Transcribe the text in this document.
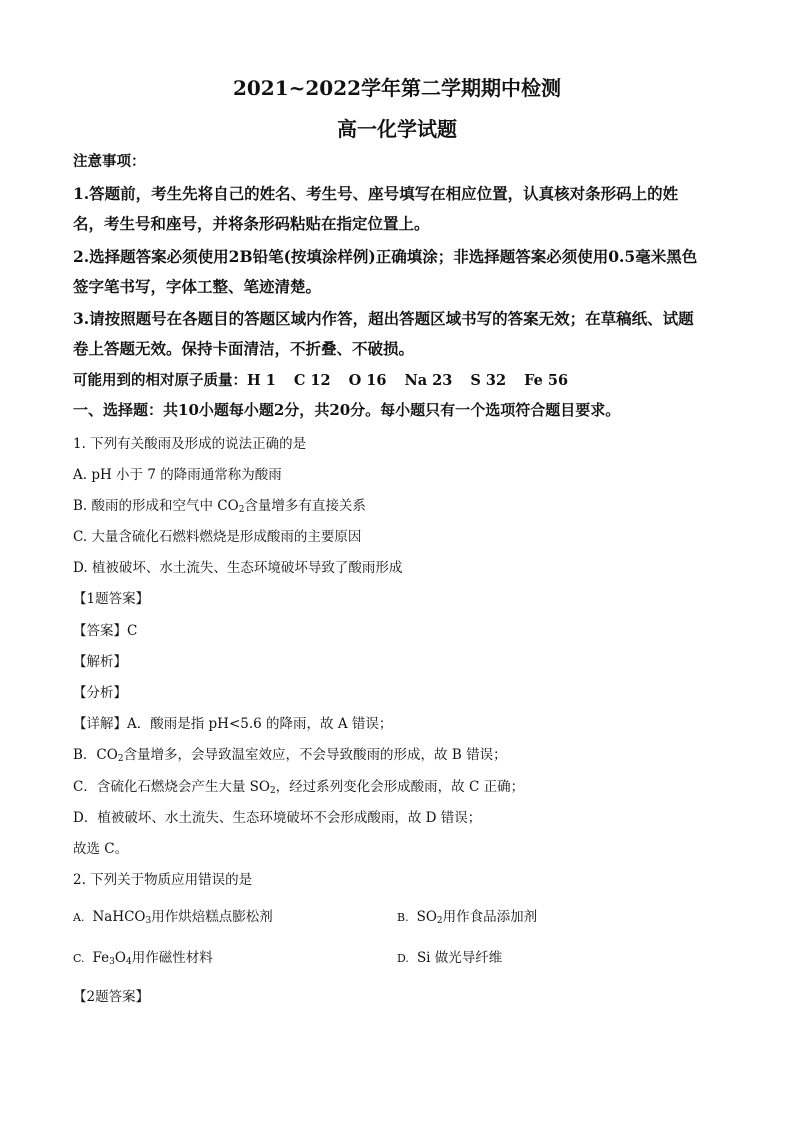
2021~2022学年第二学期期中检测
高一化学试题
注意事项：
1.答题前，考生先将自己的姓名、考生号、座号填写在相应位置，认真核对条形码上的姓
名，考生号和座号，并将条形码粘贴在指定位置上。
2.选择题答案必须使用2B铅笔(按填涂样例)正确填涂；非选择题答案必须使用0.5毫米黑色
签字笔书写，字体工整、笔迹清楚。
3.请按照题号在各题目的答题区域内作答，超出答题区域书写的答案无效；在草稿纸、试题
卷上答题无效。保持卡面清洁，不折叠、不破损。
可能用到的相对原子质量：H 1 C 12 O 16 Na 23 S 32 Fe 56
一、选择题：共10小题每小题2分，共20分。每小题只有一个选项符合题目要求。
1. 下列有关酸雨及形成的说法正确的是
A. pH 小于 7 的降雨通常称为酸雨
B. 酸雨的形成和空气中 $CO_2$含量增多有直接关系
C. 大量含硫化石燃料燃烧是形成酸雨的主要原因
D. 植被破坏、水土流失、生态环境破坏导致了酸雨形成
【1题答案】
【答案】C
【解析】
【分析】
【详解】A．酸雨是指 pH<5.6 的降雨，故 A 错误；
B．$CO_2$含量增多，会导致温室效应，不会导致酸雨的形成，故 B 错误；
C．含硫化石燃烧会产生大量 $SO_2$，经过系列变化会形成酸雨，故 C 正确；
D．植被破坏、水土流失、生态环境破坏不会形成酸雨，故 D 错误；
故选 C。
2. 下列关于物质应用错误的是
A. NaHCO$_3$用作烘焙糕点膨松剂	B. $SO_2$用作食品添加剂
C. $Fe_3O_4$用作磁性材料	D. Si 做光导纤维
【2题答案】
